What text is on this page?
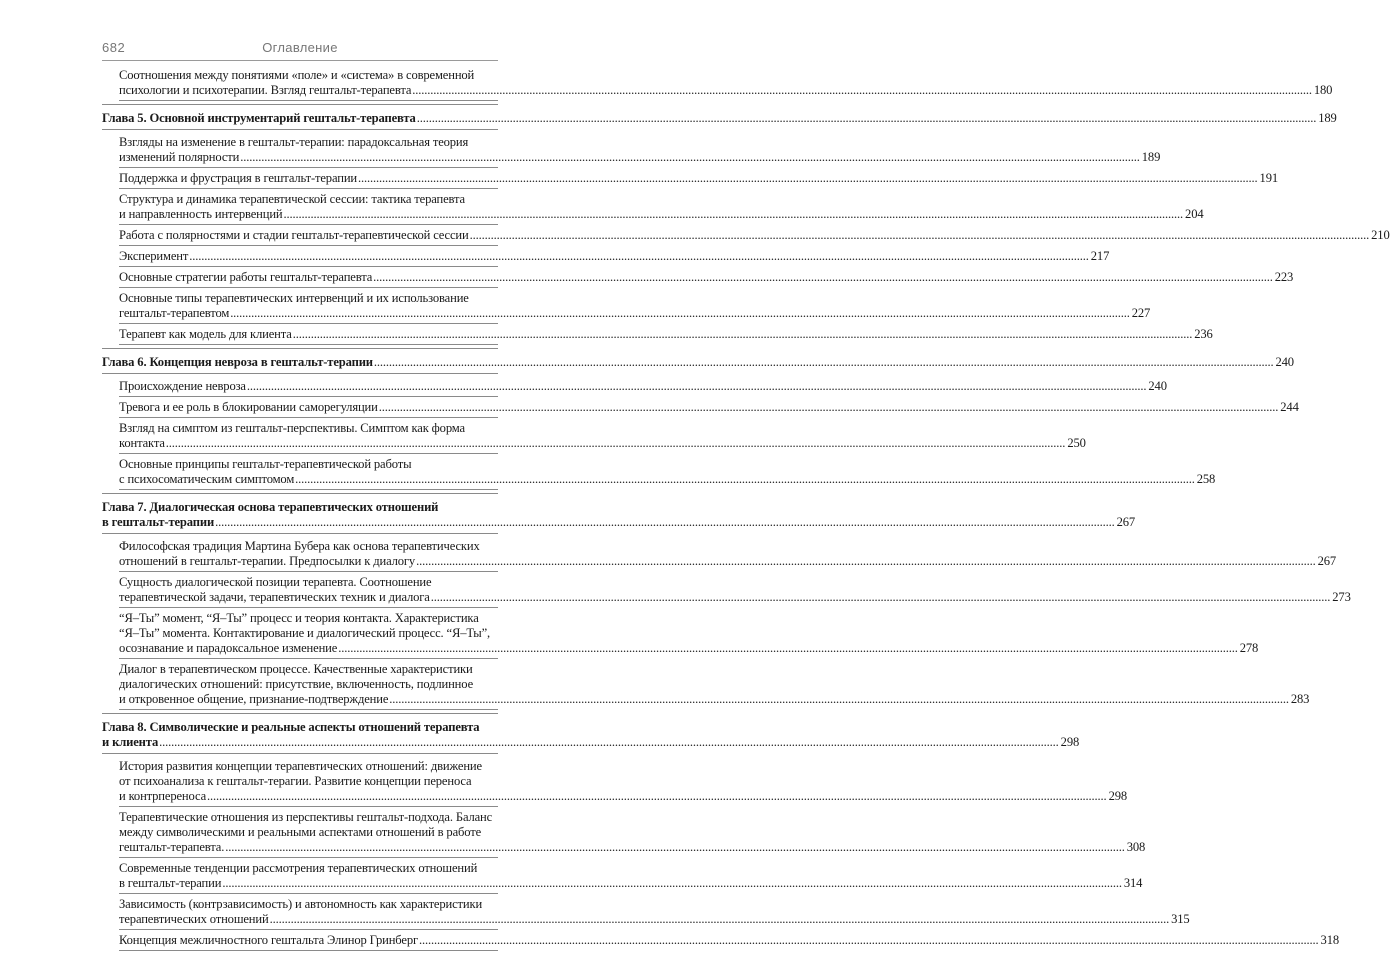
682	Оглавление
Соотношения между понятиями «поле» и «система» в современной
психологии и психотерапии. Взгляд гештальт-терапевта ............................................................................................................................................................................................................................................................................................................ 180
Глава 5. Основной инструментарий гештальт-терапевта ............................................................................................................................................................................................................................................................................................................ 189
Взгляды на изменение в гештальт-терапии: парадоксальная теория
изменений полярности ............................................................................................................................................................................................................................................................................................................ 189
Поддержка и фрустрация в гештальт-терапии ............................................................................................................................................................................................................................................................................................................ 191
Структура и динамика терапевтической сессии: тактика терапевта
и направленность интервенций ............................................................................................................................................................................................................................................................................................................ 204
Работа с полярностями и стадии гештальт-терапевтической сессии ............................................................................................................................................................................................................................................................................................................ 210
Эксперимент ............................................................................................................................................................................................................................................................................................................ 217
Основные стратегии работы гештальт-терапевта ............................................................................................................................................................................................................................................................................................................ 223
Основные типы терапевтических интервенций и их использование
гештальт-терапевтом ............................................................................................................................................................................................................................................................................................................ 227
Терапевт как модель для клиента ............................................................................................................................................................................................................................................................................................................ 236
Глава 6. Концепция невроза в гештальт-терапии ............................................................................................................................................................................................................................................................................................................ 240
Происхождение невроза ............................................................................................................................................................................................................................................................................................................ 240
Тревога и ее роль в блокировании саморегуляции ............................................................................................................................................................................................................................................................................................................ 244
Взгляд на симптом из гештальт-перспективы. Симптом как форма
контакта ............................................................................................................................................................................................................................................................................................................ 250
Основные принципы гештальт-терапевтической работы
с психосоматическим симптомом ............................................................................................................................................................................................................................................................................................................ 258
Глава 7. Диалогическая основа терапевтических отношений
в гештальт-терапии ............................................................................................................................................................................................................................................................................................................ 267
Философская традиция Мартина Бубера как основа терапевтических
отношений в гештальт-терапии. Предпосылки к диалогу ............................................................................................................................................................................................................................................................................................................ 267
Сущность диалогической позиции терапевта. Соотношение
терапевтической задачи, терапевтических техник и диалога ............................................................................................................................................................................................................................................................................................................ 273
“Я–Ты” момент, “Я–Ты” процесс и теория контакта. Характеристика
“Я–Ты” момента. Контактирование и диалогический процесс. “Я–Ты”,
осознавание и парадоксальное изменение ............................................................................................................................................................................................................................................................................................................ 278
Диалог в терапевтическом процессе. Качественные характеристики
диалогических отношений: присутствие, включенность, подлинное
и откровенное общение, признание-подтверждение ............................................................................................................................................................................................................................................................................................................ 283
Глава 8. Символические и реальные аспекты отношений терапевта
и клиента ............................................................................................................................................................................................................................................................................................................ 298
История развития концепции терапевтических отношений: движение
от психоанализа к гештальт-терагии. Развитие концепции переноса
и контрпереноса ............................................................................................................................................................................................................................................................................................................ 298
Терапевтические отношения из перспективы гештальт-подхода. Баланс
между символическими и реальными аспектами отношений в работе
гештальт-терапевта. ............................................................................................................................................................................................................................................................................................................ 308
Современные тенденции рассмотрения терапевтических отношений
в гештальт-терапии ............................................................................................................................................................................................................................................................................................................ 314
Зависимость (контрзависимость) и автономность как характеристики
терапевтических отношений ............................................................................................................................................................................................................................................................................................................ 315
Концепция межличностного гештальта Элинор Гринберг ............................................................................................................................................................................................................................................................................................................ 318
